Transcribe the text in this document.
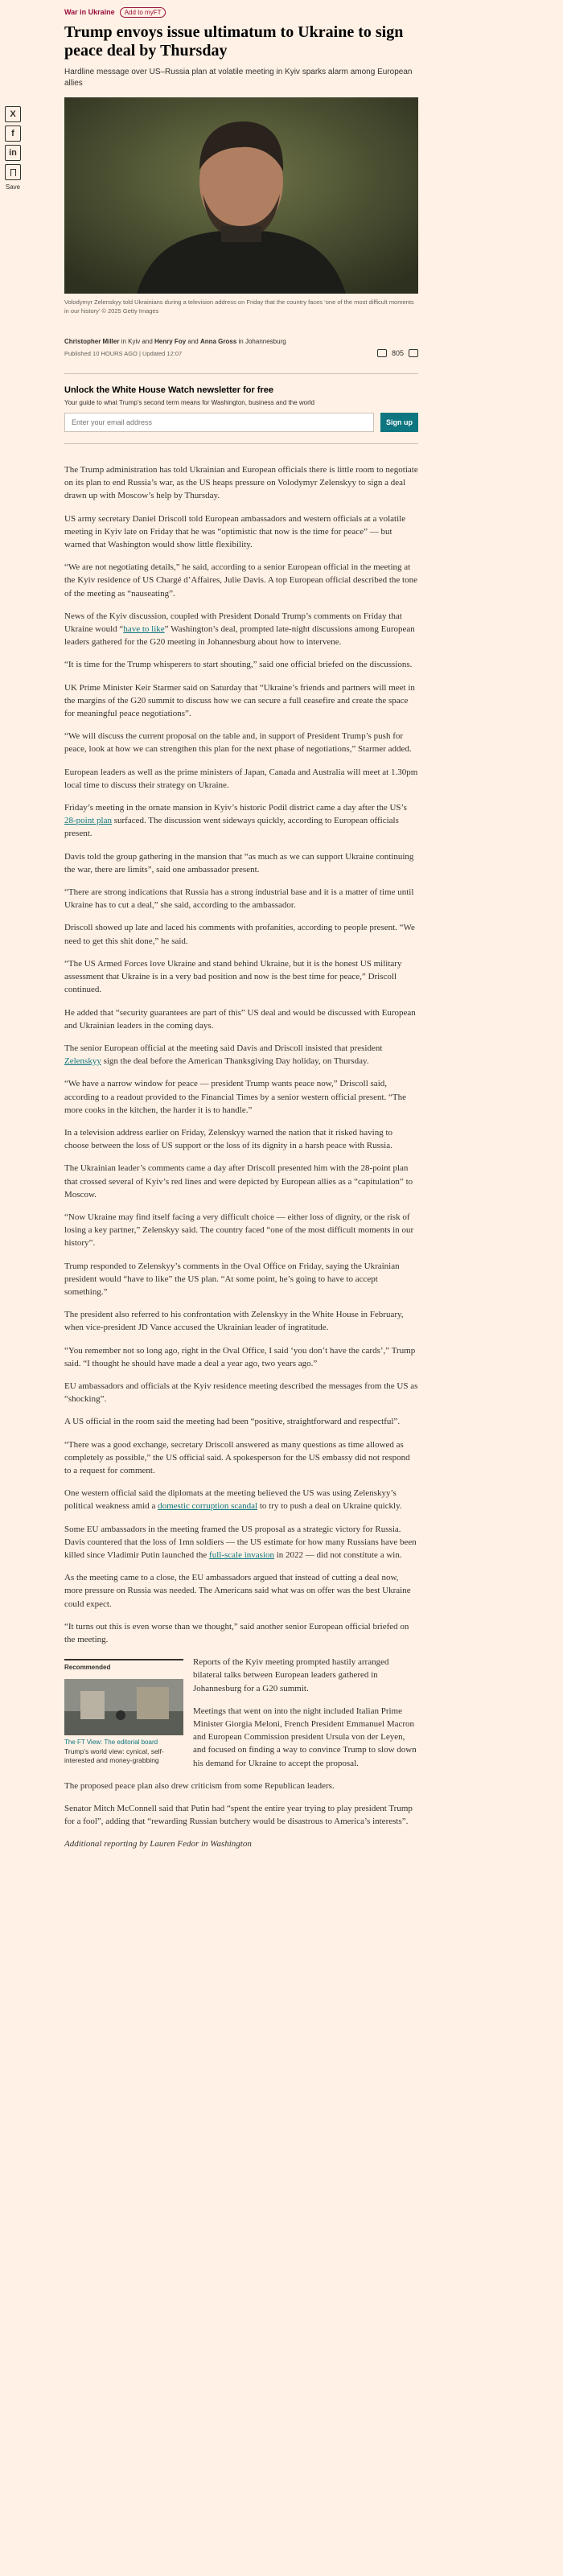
X
f
in
Save
War in Ukraine	Add to myFT
Trump envoys issue ultimatum to Ukraine to sign peace deal by Thursday

Hardline message over US–Russia plan at volatile meeting in Kyiv sparks alarm among European allies

Volodymyr Zelenskyy told Ukrainians during a television address on Friday that the country faces ‘one of the most difficult moments in our history’ © 2025 Getty Images

Christopher Miller in Kyiv and Henry Foy and Anna Gross in Johannesburg
Published 10 HOURS AGO | Updated 12:07	805
Unlock the White House Watch newsletter for free
Your guide to what Trump’s second term means for Washington, business and the world
Enter your email address
Sign up

The Trump administration has told Ukrainian and European officials there is little room to negotiate on its plan to end Russia’s war, as the US heaps pressure on Volodymyr Zelenskyy to sign a deal drawn up with Moscow’s help by Thursday.

US army secretary Daniel Driscoll told European ambassadors and western officials at a volatile meeting in Kyiv late on Friday that he was “optimistic that now is the time for peace” — but warned that Washington would show little flexibility.

“We are not negotiating details,” he said, according to a senior European official in the meeting at the Kyiv residence of US Chargé d’Affaires, Julie Davis. A top European official described the tone of the meeting as “nauseating”.

News of the Kyiv discussion, coupled with President Donald Trump’s comments on Friday that Ukraine would “have to like” Washington’s deal, prompted late-night discussions among European leaders gathered for the G20 meeting in Johannesburg about how to intervene.

“It is time for the Trump whisperers to start shouting,” said one official briefed on the discussions.

UK Prime Minister Keir Starmer said on Saturday that “Ukraine’s friends and partners will meet in the margins of the G20 summit to discuss how we can secure a full ceasefire and create the space for meaningful peace negotiations”.

“We will discuss the current proposal on the table and, in support of President Trump’s push for peace, look at how we can strengthen this plan for the next phase of negotiations,” Starmer added.

European leaders as well as the prime ministers of Japan, Canada and Australia will meet at 1.30pm local time to discuss their strategy on Ukraine.

Friday’s meeting in the ornate mansion in Kyiv’s historic Podil district came a day after the US’s 28-point plan surfaced. The discussion went sideways quickly, according to European officials present.

Davis told the group gathering in the mansion that “as much as we can support Ukraine continuing the war, there are limits”, said one ambassador present.

“There are strong indications that Russia has a strong industrial base and it is a matter of time until Ukraine has to cut a deal,” she said, according to the ambassador.

Driscoll showed up late and laced his comments with profanities, according to people present. “We need to get this shit done,” he said.

“The US Armed Forces love Ukraine and stand behind Ukraine, but it is the honest US military assessment that Ukraine is in a very bad position and now is the best time for peace,” Driscoll continued.

He added that “security guarantees are part of this” US deal and would be discussed with European and Ukrainian leaders in the coming days.

The senior European official at the meeting said Davis and Driscoll insisted that president Zelenskyy sign the deal before the American Thanksgiving Day holiday, on Thursday.

“We have a narrow window for peace — president Trump wants peace now,” Driscoll said, according to a readout provided to the Financial Times by a senior western official present. “The more cooks in the kitchen, the harder it is to handle.”

In a television address earlier on Friday, Zelenskyy warned the nation that it risked having to choose between the loss of US support or the loss of its dignity in a harsh peace with Russia.

The Ukrainian leader’s comments came a day after Driscoll presented him with the 28-point plan that crossed several of Kyiv’s red lines and were depicted by European allies as a “capitulation” to Moscow.

“Now Ukraine may find itself facing a very difficult choice — either loss of dignity, or the risk of losing a key partner,” Zelenskyy said. The country faced “one of the most difficult moments in our history”.

Trump responded to Zelenskyy’s comments in the Oval Office on Friday, saying the Ukrainian president would “have to like” the US plan. “At some point, he’s going to have to accept something.”

The president also referred to his confrontation with Zelenskyy in the White House in February, when vice-president JD Vance accused the Ukrainian leader of ingratitude.

“You remember not so long ago, right in the Oval Office, I said ‘you don’t have the cards’,” Trump said. “I thought he should have made a deal a year ago, two years ago.”

EU ambassadors and officials at the Kyiv residence meeting described the messages from the US as “shocking”.

A US official in the room said the meeting had been “positive, straightforward and respectful”.

“There was a good exchange, secretary Driscoll answered as many questions as time allowed as completely as possible,” the US official said. A spokesperson for the US embassy did not respond to a request for comment.

One western official said the diplomats at the meeting believed the US was using Zelenskyy’s political weakness amid a domestic corruption scandal to try to push a deal on Ukraine quickly.

Some EU ambassadors in the meeting framed the US proposal as a strategic victory for Russia. Davis countered that the loss of 1mn soldiers — the US estimate for how many Russians have been killed since Vladimir Putin launched the full-scale invasion in 2022 — did not constitute a win.

As the meeting came to a close, the EU ambassadors argued that instead of cutting a deal now, more pressure on Russia was needed. The Americans said what was on offer was the best Ukraine could expect.

“It turns out this is even worse than we thought,” said another senior European official briefed on the meeting.

Recommended
The FT View: The editorial board
Trump’s world view: cynical, self-interested and money-grabbing

Reports of the Kyiv meeting prompted hastily arranged bilateral talks between European leaders gathered in Johannesburg for a G20 summit.

Meetings that went on into the night included Italian Prime Minister Giorgia Meloni, French President Emmanuel Macron and European Commission president Ursula von der Leyen, and focused on finding a way to convince Trump to slow down his demand for Ukraine to accept the proposal.

The proposed peace plan also drew criticism from some Republican leaders.

Senator Mitch McConnell said that Putin had “spent the entire year trying to play president Trump for a fool”, adding that “rewarding Russian butchery would be disastrous to America’s interests”.

Additional reporting by Lauren Fedor in Washington
